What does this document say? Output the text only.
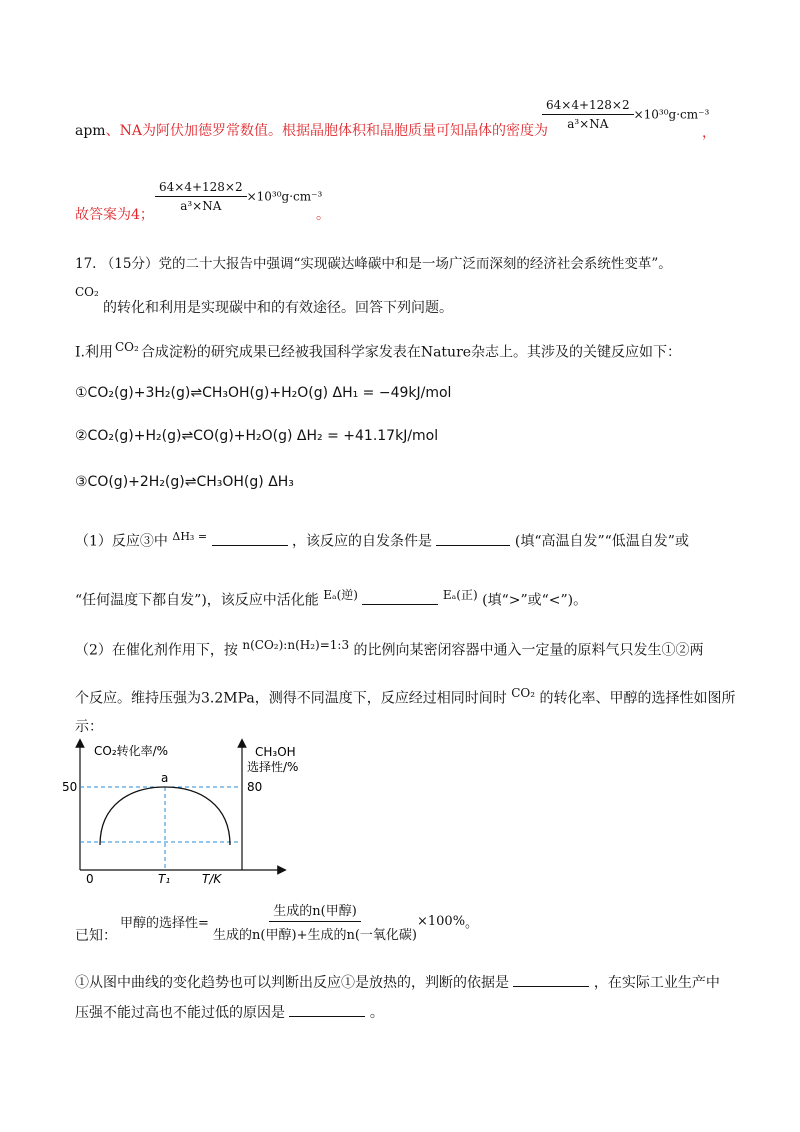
apm、NA为阿伏加德罗常数值。根据晶胞体积和晶胞质量可知晶体的密度为
$\frac{64\times 4+128\times 2}{\text{a³×NA}} \times 10^{30}g\cdot cm^{-3}$
，
故答案为4；
$\frac{64\times 4+128\times 2}{\text{a³×NA}} \times 10^{30}g\cdot cm^{-3}$
。
17. （15分）党的二十大报告中强调“实现碳达峰碳中和是一场广泛而深刻的经济社会系统性变革”。
CO₂
的转化和利用是实现碳中和的有效途径。回答下列问题。
Ⅰ.利用 CO₂ 合成淀粉的研究成果已经被我国科学家发表在Nature杂志上。其涉及的关键反应如下：
①CO₂(g)+3H₂(g)⇌CH₃OH(g)+H₂O(g) ΔH₁ = −49kJ/mol
②CO₂(g)+H₂(g)⇌CO(g)+H₂O(g) ΔH₂ = +41.17kJ/mol
③CO(g)+2H₂(g)⇌CH₃OH(g) ΔH₃
（1）反应③中 $^{\Delta H_3 =}$	，该反应的自发条件是	(填“高温自发”“低温自发”或
“任何温度下都自发”)，该反应中活化能 Eₐ(逆)	Eₐ(正) (填“>”或“<”)。
（2）在催化剂作用下，按 n(CO₂):n(H₂)=1:3 的比例向某密闭容器中通入一定量的原料气只发生①②两
个反应。维持压强为3.2MPa，测得不同温度下，反应经过相同时间时 CO₂ 的转化率、甲醇的选择性如图所
示：
CO₂转化率/%	CH₃OH
选择性/%
50	80
a
0	T₁	T/K
已知：
甲醇的选择性= $\frac{\text{生成的n(甲醇)}}{\text{生成的n(甲醇)+生成的n(一氧化碳)}} \times 100\%$。
①从图中曲线的变化趋势也可以判断出反应①是放热的，判断的依据是	，在实际工业生产中
压强不能过高也不能过低的原因是	。
